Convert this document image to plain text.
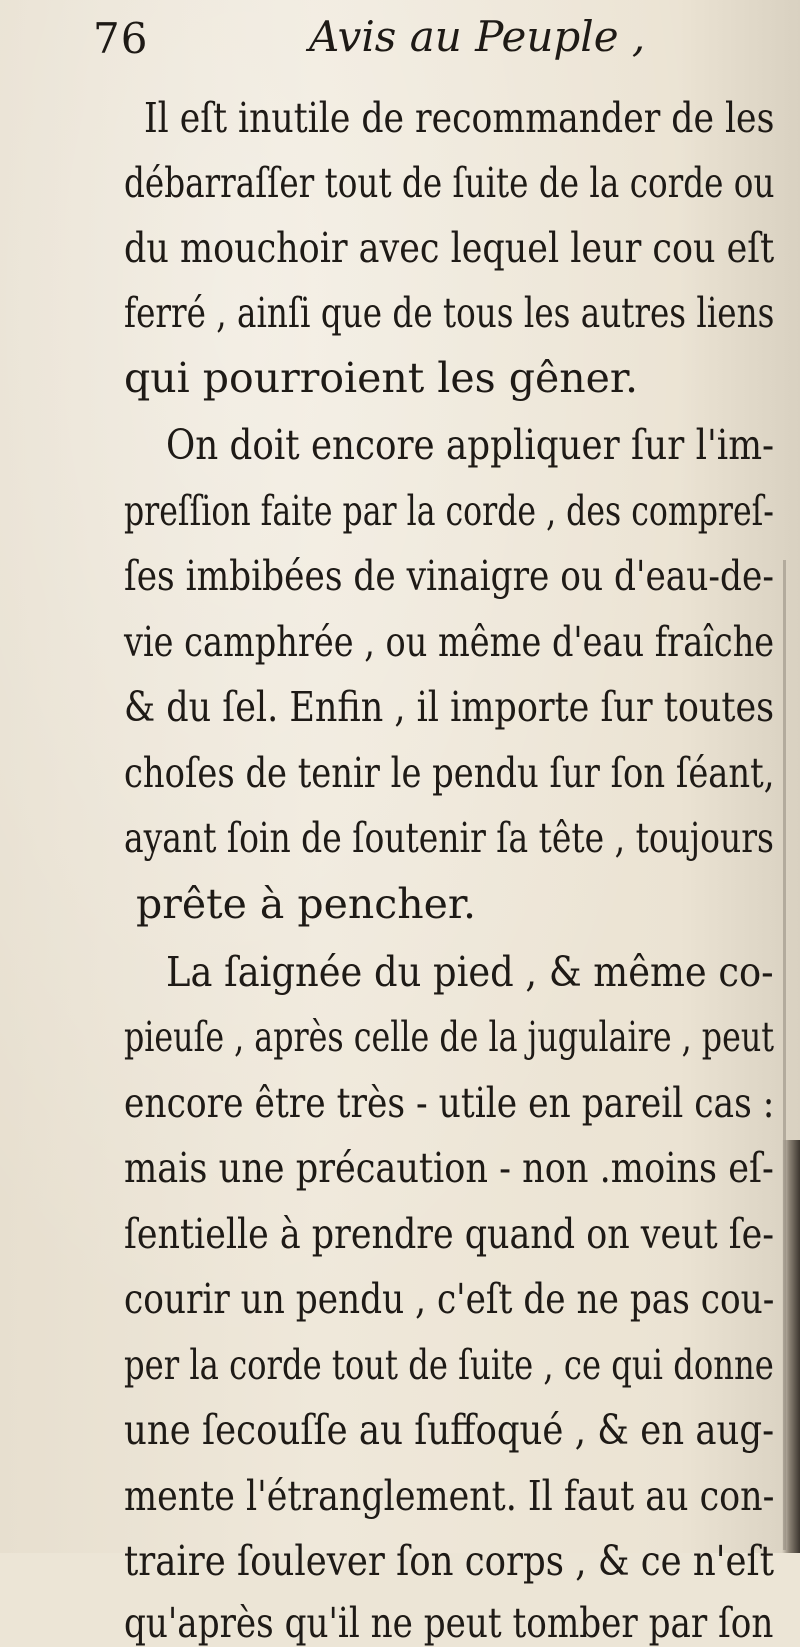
76	Avis au Peuple ,
Il eſt inutile de recommander de les
débarraſſer tout de ſuite de la corde ou
du mouchoir avec lequel leur cou eſt
ferré , ainſi que de tous les autres liens
qui pourroient les gêner.
On doit encore appliquer ſur l'im-
preſſion faite par la corde , des compreſ-
ſes imbibées de vinaigre ou d'eau-de-
vie camphrée , ou même d'eau fraîche
& du ſel. Enfin , il importe ſur toutes
choſes de tenir le pendu ſur ſon ſéant,
ayant ſoin de ſoutenir ſa tête , toujours
prête à pencher.
La ſaignée du pied , & même co-
pieuſe , après celle de la jugulaire , peut
encore être très - utile en pareil cas :
mais une précaution - non .moins eſ-
ſentielle à prendre quand on veut ſe-
courir un pendu , c'eſt de ne pas cou-
per la corde tout de ſuite , ce qui donne
une ſecouſſe au ſuffoqué , & en aug-
mente l'étranglement. Il faut au con-
traire ſoulever ſon corps , & ce n'eſt
qu'après qu'il ne peut tomber par ſon
